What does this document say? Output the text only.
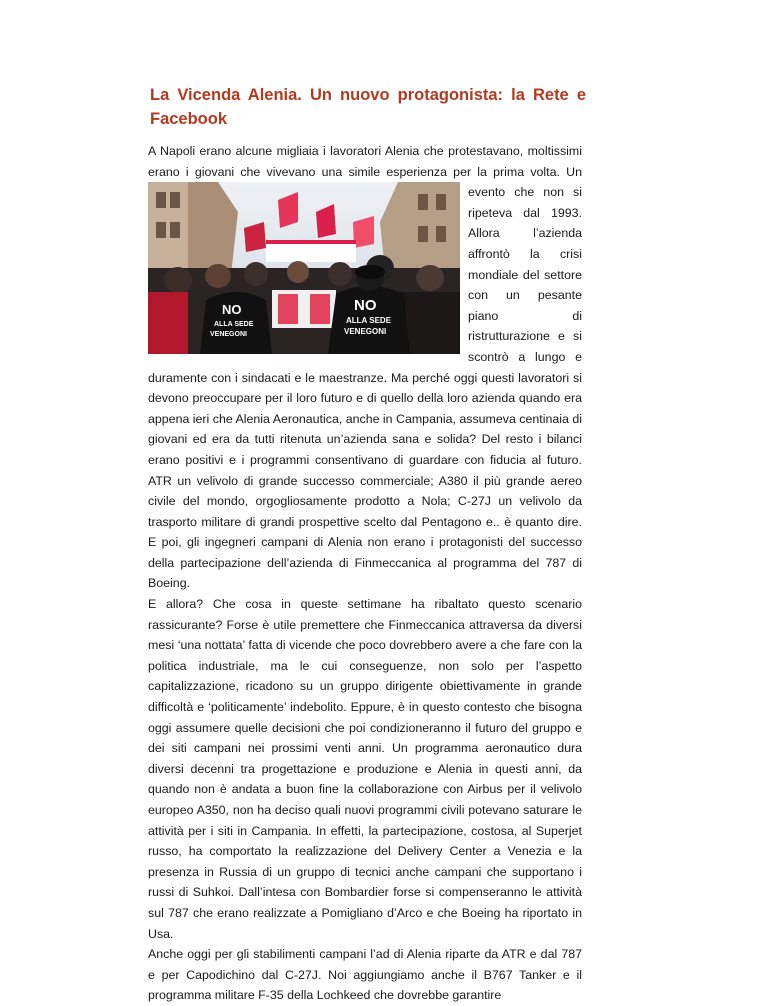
La Vicenda Alenia. Un nuovo protagonista: la Rete e Facebook

A Napoli erano alcune migliaia i lavoratori Alenia che protestavano, moltissimi erano i giovani che vivevano una simile esperienza per la prima
NO
ALLA SEDE
VENEGONI
NO
ALLA SEDE
VENEGONI
volta. Un evento che non si ripeteva dal 1993. Allora l’azienda affrontò la crisi mondiale del settore con un pesante piano di ristrutturazione e si scontrò a lungo e duramente con i sindacati e le maestranze. Ma perché oggi questi lavoratori si devono preoccupare per il loro futuro e di quello della loro azienda quando era appena ieri che Alenia Aeronautica, anche in Campania, assumeva centinaia di giovani ed era da tutti ritenuta un’azienda sana e solida? Del resto i bilanci erano positivi e i programmi consentivano di guardare con fiducia al futuro. ATR un velivolo di grande successo commerciale; A380 il più grande aereo civile del mondo, orgogliosamente prodotto a Nola; C-27J un velivolo da trasporto militare di grandi prospettive scelto dal Pentagono e.. è quanto dire. E poi, gli ingegneri campani di Alenia non erano i protagonisti del successo della partecipazione dell’azienda di Finmeccanica al programma del 787 di Boeing.

E allora? Che cosa in queste settimane ha ribaltato questo scenario rassicurante? Forse è utile premettere che Finmeccanica attraversa da diversi mesi ‘una nottata’ fatta di vicende che poco dovrebbero avere a che fare con la politica industriale, ma le cui conseguenze, non solo per l’aspetto capitalizzazione, ricadono su un gruppo dirigente obiettivamente in grande difficoltà e ‘politicamente’ indebolito. Eppure, è in questo contesto che bisogna oggi assumere quelle decisioni che poi condizioneranno il futuro del gruppo e dei siti campani nei prossimi venti anni. Un programma aeronautico dura diversi decenni tra progettazione e produzione e Alenia in questi anni, da quando non è andata a buon fine la collaborazione con Airbus per il velivolo europeo A350, non ha deciso quali nuovi programmi civili potevano saturare le attività per i siti in Campania. In effetti, la partecipazione, costosa, al Superjet russo, ha comportato la realizzazione del Delivery Center a Venezia e la presenza in Russia di un gruppo di tecnici anche campani che supportano i russi di Suhkoi. Dall’intesa con Bombardier forse si compenseranno le attività sul 787 che erano realizzate a Pomigliano d’Arco e che Boeing ha riportato in Usa.

Anche oggi per gli stabilimenti campani l’ad di Alenia riparte da ATR e dal 787 e per Capodichino dal C-27J. Noi aggiungiamo anche il B767 Tanker e il programma militare F-35 della Lochkeed che dovrebbe garantire
